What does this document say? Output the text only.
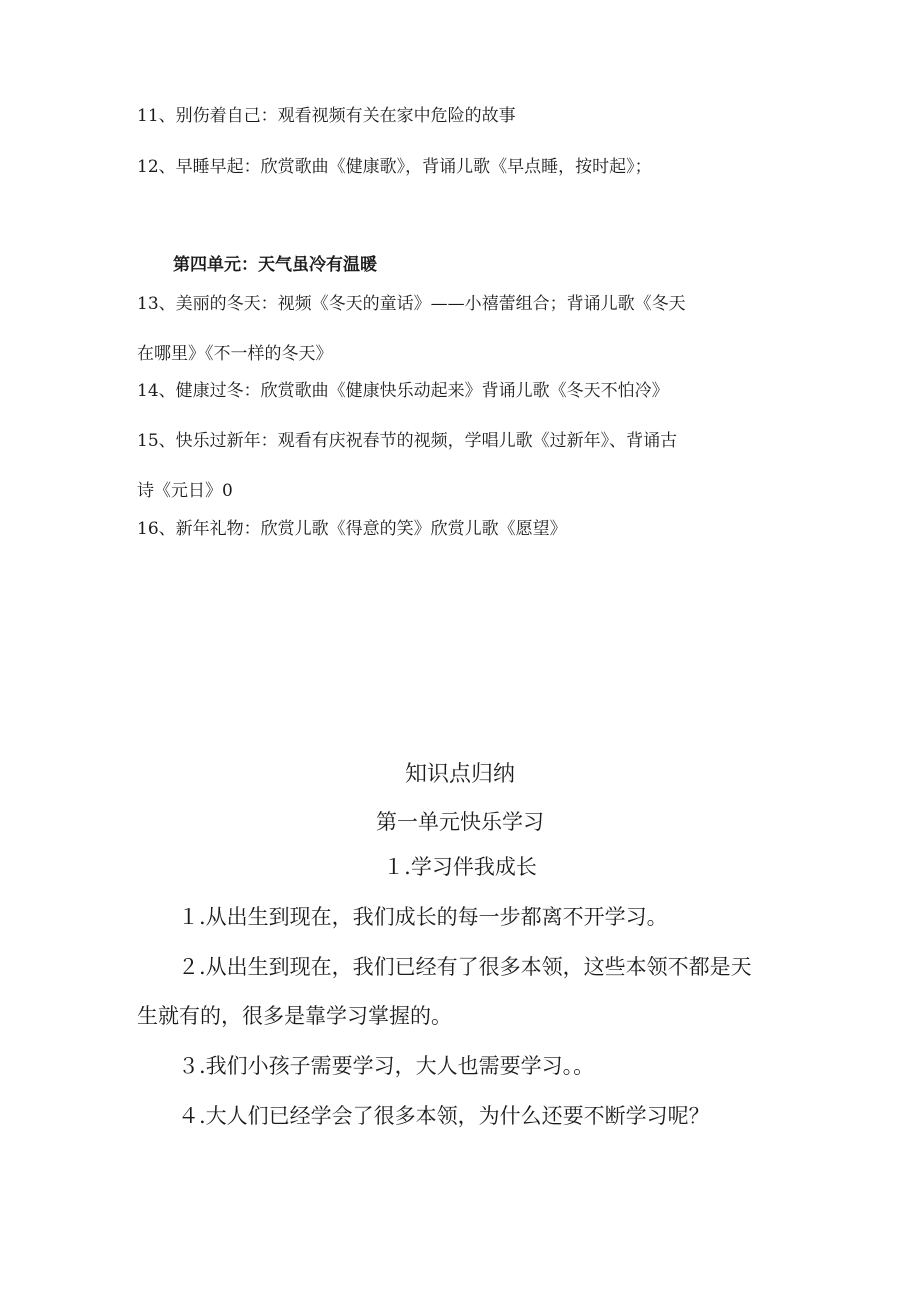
11、别伤着自己：观看视频有关在家中危险的故事
12、早睡早起：欣赏歌曲《健康歌》，背诵儿歌《早点睡，按时起》；
第四单元：天气虽冷有温暖
13、美丽的冬天：视频《冬天的童话》——小禧蕾组合；背诵儿歌《冬天
在哪里》《不一样的冬天》
14、健康过冬：欣赏歌曲《健康快乐动起来》背诵儿歌《冬天不怕冷》
15、快乐过新年：观看有庆祝春节的视频，学唱儿歌《过新年》、背诵古
诗《元日》0
16、新年礼物：欣赏儿歌《得意的笑》欣赏儿歌《愿望》
知识点归纳
第一单元快乐学习
１.学习伴我成长
１.从出生到现在，我们成长的每一步都离不开学习。
２.从出生到现在，我们已经有了很多本领，这些本领不都是天
生就有的，很多是靠学习掌握的。
３.我们小孩子需要学习，大人也需要学习。。
４.大人们已经学会了很多本领，为什么还要不断学习呢？
